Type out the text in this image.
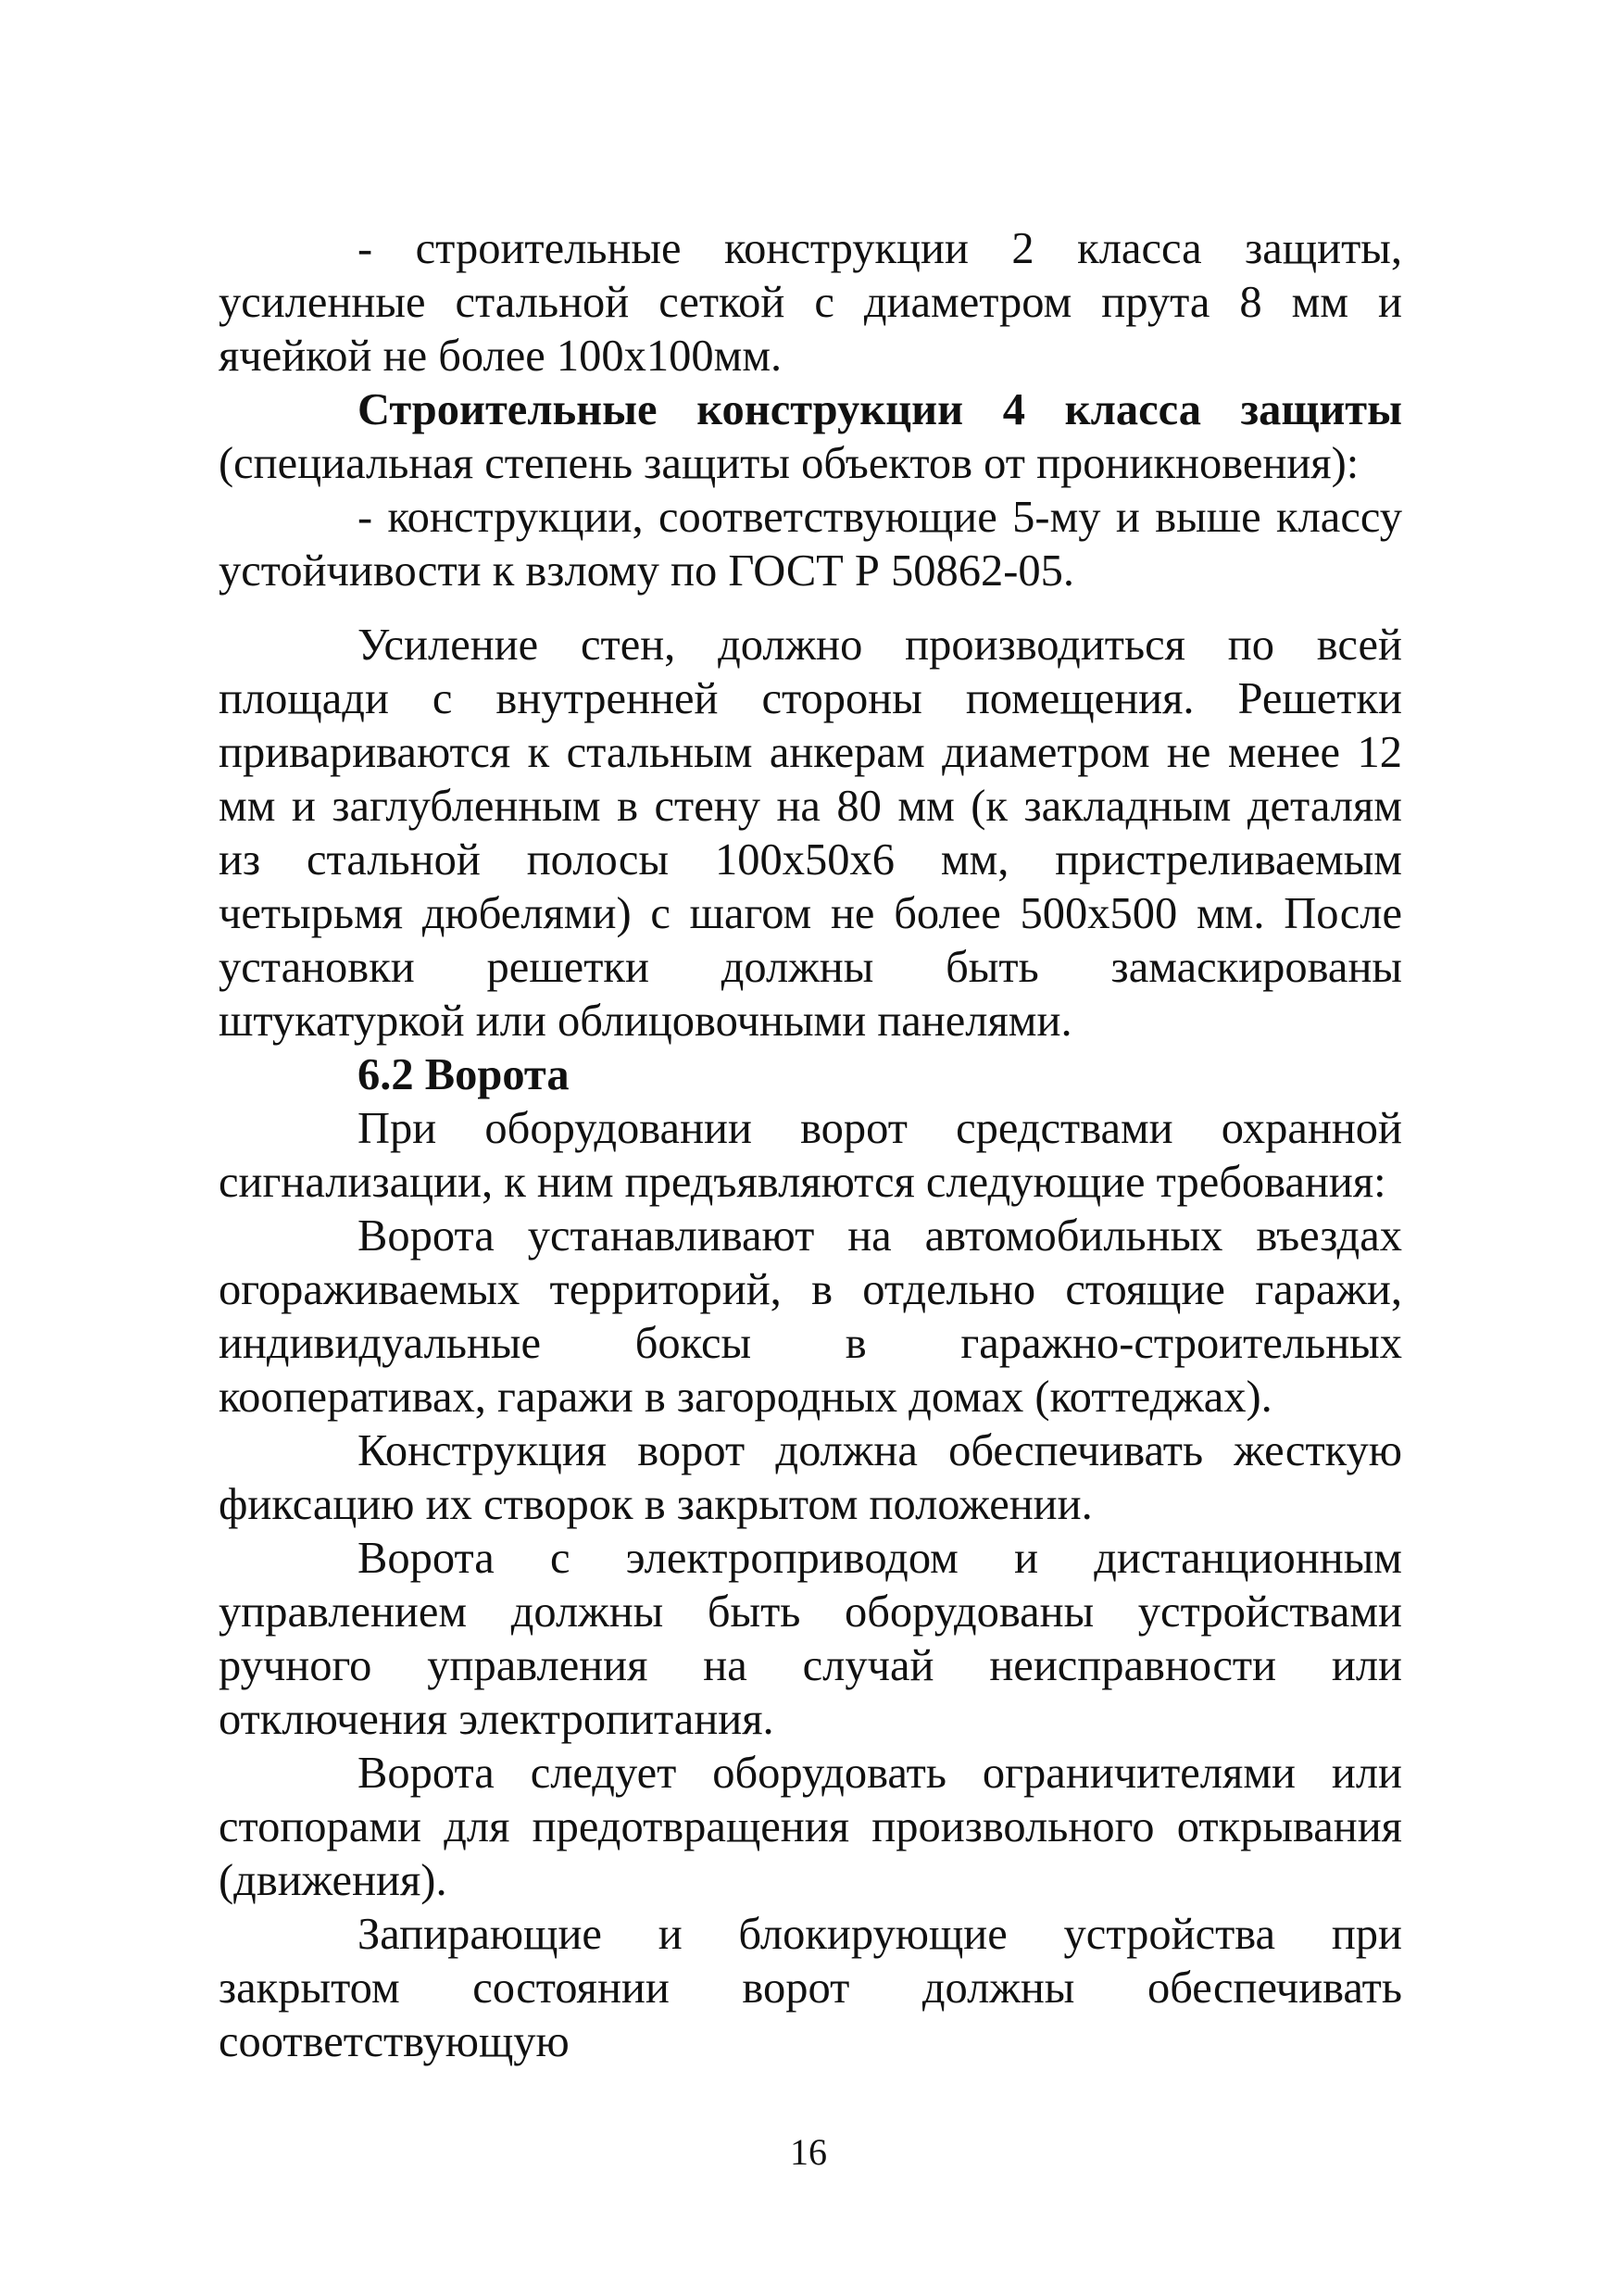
- строительные конструкции 2 класса защиты, усиленные стальной сеткой с диаметром прута 8 мм и ячейкой не более 100х100мм.

Строительные конструкции 4 класса защиты (специальная степень защиты объектов от проникновения):

- конструкции, соответствующие 5-му и выше классу устойчивости к взлому по ГОСТ Р 50862-05.

Усиление стен, должно производиться по всей площади с внутренней стороны помещения. Решетки привариваются к стальным анкерам диаметром не менее 12 мм и заглубленным в стену на 80 мм (к закладным деталям из стальной полосы 100х50х6 мм, пристреливаемым четырьмя дюбелями) с шагом не более 500х500 мм. После установки решетки должны быть замаскированы штукатуркой или облицовочными панелями.

6.2 Ворота

При оборудовании ворот средствами охранной сигнализации, к ним предъявляются следующие требования:

Ворота устанавливают на автомобильных въездах огораживаемых территорий, в отдельно стоящие гаражи, индивидуальные боксы в гаражно-строительных кооперативах, гаражи в загородных домах (коттеджах).

Конструкция ворот должна обеспечивать жесткую фиксацию их створок в закрытом положении.

Ворота с электроприводом и дистанционным управлением должны быть оборудованы устройствами ручного управления на случай неисправности или отключения электропитания.

Ворота следует оборудовать ограничителями или стопорами для предотвращения произвольного открывания (движения).

Запирающие и блокирующие устройства при закрытом состоянии ворот должны обеспечивать соответствующую

16
